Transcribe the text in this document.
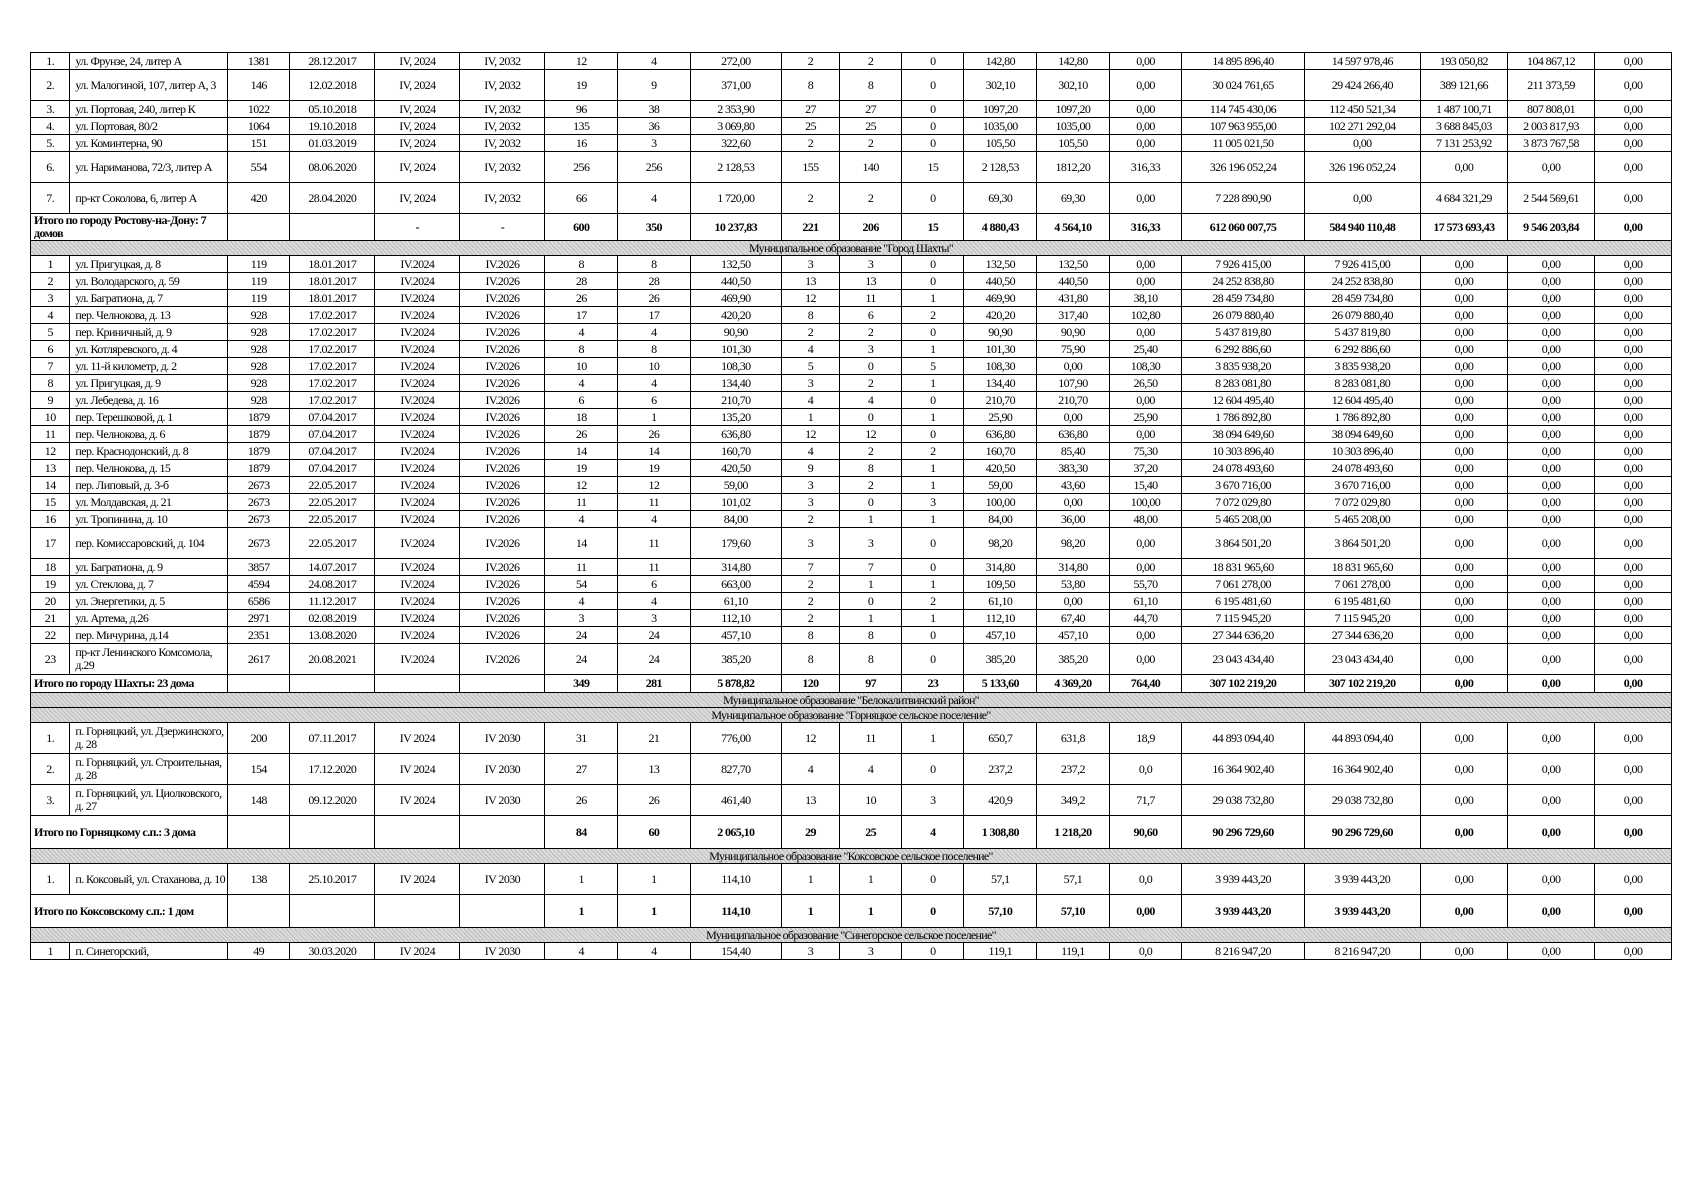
1.	ул. Фрунзе, 24, литер А	1381	28.12.2017	IV, 2024	IV, 2032	12	4	272,00	2	2	0	142,80	142,80	0,00	14 895 896,40	14 597 978,46	193 050,82	104 867,12	0,00
2.	ул. Малогиной, 107, литер А, 3	146	12.02.2018	IV, 2024	IV, 2032	19	9	371,00	8	8	0	302,10	302,10	0,00	30 024 761,65	29 424 266,40	389 121,66	211 373,59	0,00
3.	ул. Портовая, 240, литер К	1022	05.10.2018	IV, 2024	IV, 2032	96	38	2 353,90	27	27	0	1097,20	1097,20	0,00	114 745 430,06	112 450 521,34	1 487 100,71	807 808,01	0,00
4.	ул. Портовая, 80/2	1064	19.10.2018	IV, 2024	IV, 2032	135	36	3 069,80	25	25	0	1035,00	1035,00	0,00	107 963 955,00	102 271 292,04	3 688 845,03	2 003 817,93	0,00
5.	ул. Коминтерна, 90	151	01.03.2019	IV, 2024	IV, 2032	16	3	322,60	2	2	0	105,50	105,50	0,00	11 005 021,50	0,00	7 131 253,92	3 873 767,58	0,00
6.	ул. Нариманова, 72/3, литер А	554	08.06.2020	IV, 2024	IV, 2032	256	256	2 128,53	155	140	15	2 128,53	1812,20	316,33	326 196 052,24	326 196 052,24	0,00	0,00	0,00
7.	пр-кт Соколова, 6, литер А	420	28.04.2020	IV, 2024	IV, 2032	66	4	1 720,00	2	2	0	69,30	69,30	0,00	7 228 890,90	0,00	4 684 321,29	2 544 569,61	0,00
Итого по городу Ростову-на-Дону: 7 домов				-	-	600	350	10 237,83	221	206	15	4 880,43	4 564,10	316,33	612 060 007,75	584 940 110,48	17 573 693,43	9 546 203,84	0,00
Муниципальное образование "Город Шахты"																			
1	ул. Пригуцкая, д. 8	119	18.01.2017	IV.2024	IV.2026	8	8	132,50	3	3	0	132,50	132,50	0,00	7 926 415,00	7 926 415,00	0,00	0,00	0,00
2	ул. Володарского, д. 59	119	18.01.2017	IV.2024	IV.2026	28	28	440,50	13	13	0	440,50	440,50	0,00	24 252 838,80	24 252 838,80	0,00	0,00	0,00
3	ул. Багратиона, д. 7	119	18.01.2017	IV.2024	IV.2026	26	26	469,90	12	11	1	469,90	431,80	38,10	28 459 734,80	28 459 734,80	0,00	0,00	0,00
4	пер. Челнокова, д. 13	928	17.02.2017	IV.2024	IV.2026	17	17	420,20	8	6	2	420,20	317,40	102,80	26 079 880,40	26 079 880,40	0,00	0,00	0,00
5	пер. Криничный, д. 9	928	17.02.2017	IV.2024	IV.2026	4	4	90,90	2	2	0	90,90	90,90	0,00	5 437 819,80	5 437 819,80	0,00	0,00	0,00
6	ул. Котляревского, д. 4	928	17.02.2017	IV.2024	IV.2026	8	8	101,30	4	3	1	101,30	75,90	25,40	6 292 886,60	6 292 886,60	0,00	0,00	0,00
7	ул. 11-й километр, д. 2	928	17.02.2017	IV.2024	IV.2026	10	10	108,30	5	0	5	108,30	0,00	108,30	3 835 938,20	3 835 938,20	0,00	0,00	0,00
8	ул. Пригуцкая, д. 9	928	17.02.2017	IV.2024	IV.2026	4	4	134,40	3	2	1	134,40	107,90	26,50	8 283 081,80	8 283 081,80	0,00	0,00	0,00
9	ул. Лебедева, д. 16	928	17.02.2017	IV.2024	IV.2026	6	6	210,70	4	4	0	210,70	210,70	0,00	12 604 495,40	12 604 495,40	0,00	0,00	0,00
10	пер. Терешковой, д. 1	1879	07.04.2017	IV.2024	IV.2026	18	1	135,20	1	0	1	25,90	0,00	25,90	1 786 892,80	1 786 892,80	0,00	0,00	0,00
11	пер. Челнокова, д. 6	1879	07.04.2017	IV.2024	IV.2026	26	26	636,80	12	12	0	636,80	636,80	0,00	38 094 649,60	38 094 649,60	0,00	0,00	0,00
12	пер. Краснодонский, д. 8	1879	07.04.2017	IV.2024	IV.2026	14	14	160,70	4	2	2	160,70	85,40	75,30	10 303 896,40	10 303 896,40	0,00	0,00	0,00
13	пер. Челнокова, д. 15	1879	07.04.2017	IV.2024	IV.2026	19	19	420,50	9	8	1	420,50	383,30	37,20	24 078 493,60	24 078 493,60	0,00	0,00	0,00
14	пер. Липовый, д. 3-б	2673	22.05.2017	IV.2024	IV.2026	12	12	59,00	3	2	1	59,00	43,60	15,40	3 670 716,00	3 670 716,00	0,00	0,00	0,00
15	ул. Молдавская, д. 21	2673	22.05.2017	IV.2024	IV.2026	11	11	101,02	3	0	3	100,00	0,00	100,00	7 072 029,80	7 072 029,80	0,00	0,00	0,00
16	ул. Тропинина, д. 10	2673	22.05.2017	IV.2024	IV.2026	4	4	84,00	2	1	1	84,00	36,00	48,00	5 465 208,00	5 465 208,00	0,00	0,00	0,00
17	пер. Комиссаровский, д. 104	2673	22.05.2017	IV.2024	IV.2026	14	11	179,60	3	3	0	98,20	98,20	0,00	3 864 501,20	3 864 501,20	0,00	0,00	0,00
18	ул. Багратиона, д. 9	3857	14.07.2017	IV.2024	IV.2026	11	11	314,80	7	7	0	314,80	314,80	0,00	18 831 965,60	18 831 965,60	0,00	0,00	0,00
19	ул. Стеклова, д. 7	4594	24.08.2017	IV.2024	IV.2026	54	6	663,00	2	1	1	109,50	53,80	55,70	7 061 278,00	7 061 278,00	0,00	0,00	0,00
20	ул. Энергетики, д. 5	6586	11.12.2017	IV.2024	IV.2026	4	4	61,10	2	0	2	61,10	0,00	61,10	6 195 481,60	6 195 481,60	0,00	0,00	0,00
21	ул. Артема, д.26	2971	02.08.2019	IV.2024	IV.2026	3	3	112,10	2	1	1	112,10	67,40	44,70	7 115 945,20	7 115 945,20	0,00	0,00	0,00
22	пер. Мичурина, д.14	2351	13.08.2020	IV.2024	IV.2026	24	24	457,10	8	8	0	457,10	457,10	0,00	27 344 636,20	27 344 636,20	0,00	0,00	0,00
23	пр-кт Ленинского Комсомола, д.29	2617	20.08.2021	IV.2024	IV.2026	24	24	385,20	8	8	0	385,20	385,20	0,00	23 043 434,40	23 043 434,40	0,00	0,00	0,00
Итого по городу Шахты: 23 дома						349	281	5 878,82	120	97	23	5 133,60	4 369,20	764,40	307 102 219,20	307 102 219,20	0,00	0,00	0,00
Муниципальное образование "Белокалитвинский район"																			
Муниципальное образование "Горняцкое сельское поселение"																			
1.	п. Горняцкий, ул. Дзержинского, д. 28	200	07.11.2017	IV 2024	IV 2030	31	21	776,00	12	11	1	650,7	631,8	18,9	44 893 094,40	44 893 094,40	0,00	0,00	0,00
2.	п. Горняцкий, ул. Строительная, д. 28	154	17.12.2020	IV 2024	IV 2030	27	13	827,70	4	4	0	237,2	237,2	0,0	16 364 902,40	16 364 902,40	0,00	0,00	0,00
3.	п. Горняцкий, ул. Циолковского, д. 27	148	09.12.2020	IV 2024	IV 2030	26	26	461,40	13	10	3	420,9	349,2	71,7	29 038 732,80	29 038 732,80	0,00	0,00	0,00
Итого по Горняцкому с.п.: 3 дома						84	60	2 065,10	29	25	4	1 308,80	1 218,20	90,60	90 296 729,60	90 296 729,60	0,00	0,00	0,00
Муниципальное образование "Коксовское сельское поселение"																			
1.	п. Коксовый, ул. Стаханова, д. 10	138	25.10.2017	IV 2024	IV 2030	1	1	114,10	1	1	0	57,1	57,1	0,0	3 939 443,20	3 939 443,20	0,00	0,00	0,00
Итого по Коксовскому с.п.: 1 дом						1	1	114,10	1	1	0	57,10	57,10	0,00	3 939 443,20	3 939 443,20	0,00	0,00	0,00
Муниципальное образование "Синегорское сельское поселение"																			
1	п. Синегорский,	49	30.03.2020	IV 2024	IV 2030	4	4	154,40	3	3	0	119,1	119,1	0,0	8 216 947,20	8 216 947,20	0,00	0,00	0,00
